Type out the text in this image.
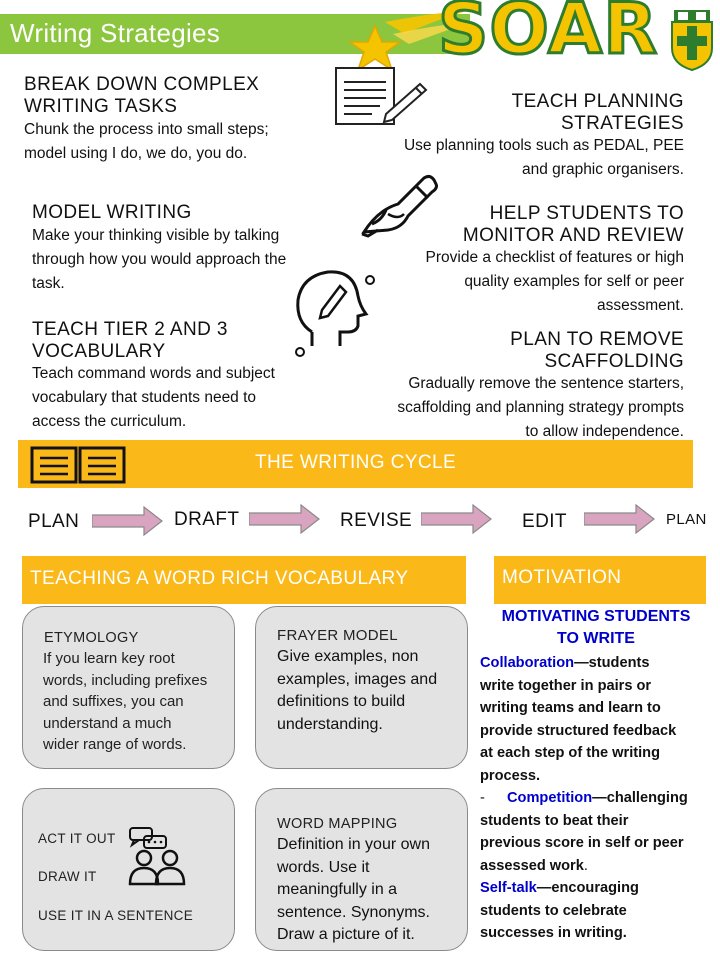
Writing Strategies	SOAR
BREAK DOWN COMPLEX
WRITING TASKS
Chunk the process into small steps;
model using I do, we do, you do.
TEACH PLANNING
STRATEGIES
Use planning tools such as PEDAL, PEE
and graphic organisers.
MODEL WRITING
Make your thinking visible by talking
through how you would approach the
task.
HELP STUDENTS TO
MONITOR AND REVIEW
Provide a checklist of features or high
quality examples for self or peer
assessment.
TEACH TIER 2 AND 3
VOCABULARY
Teach command words and subject
vocabulary that students need to
access the curriculum.
PLAN TO REMOVE
SCAFFOLDING
Gradually remove the sentence starters,
scaffolding and planning strategy prompts
to allow independence.
THE WRITING CYCLE
PLAN	DRAFT	REVISE	EDIT	PLAN
TEACHING A WORD RICH VOCABULARY
ETYMOLOGY
If you learn key root
words, including prefixes
and suffixes, you can
understand a much
wider range of words.
FRAYER MODEL
Give examples, non
examples, images and
definitions to build
understanding.
ACT IT OUT
DRAW IT
USE IT IN A SENTENCE
WORD MAPPING
Definition in your own
words. Use it
meaningfully in a
sentence. Synonyms.
Draw a picture of it.
MOTIVATION
MOTIVATING STUDENTS
TO WRITE
Collaboration—students
write together in pairs or
writing teams and learn to
provide structured feedback
at each step of the writing
process.
- Competition—challenging
students to beat their
previous score in self or peer
assessed work.
Self-talk—encouraging
students to celebrate
successes in writing.
